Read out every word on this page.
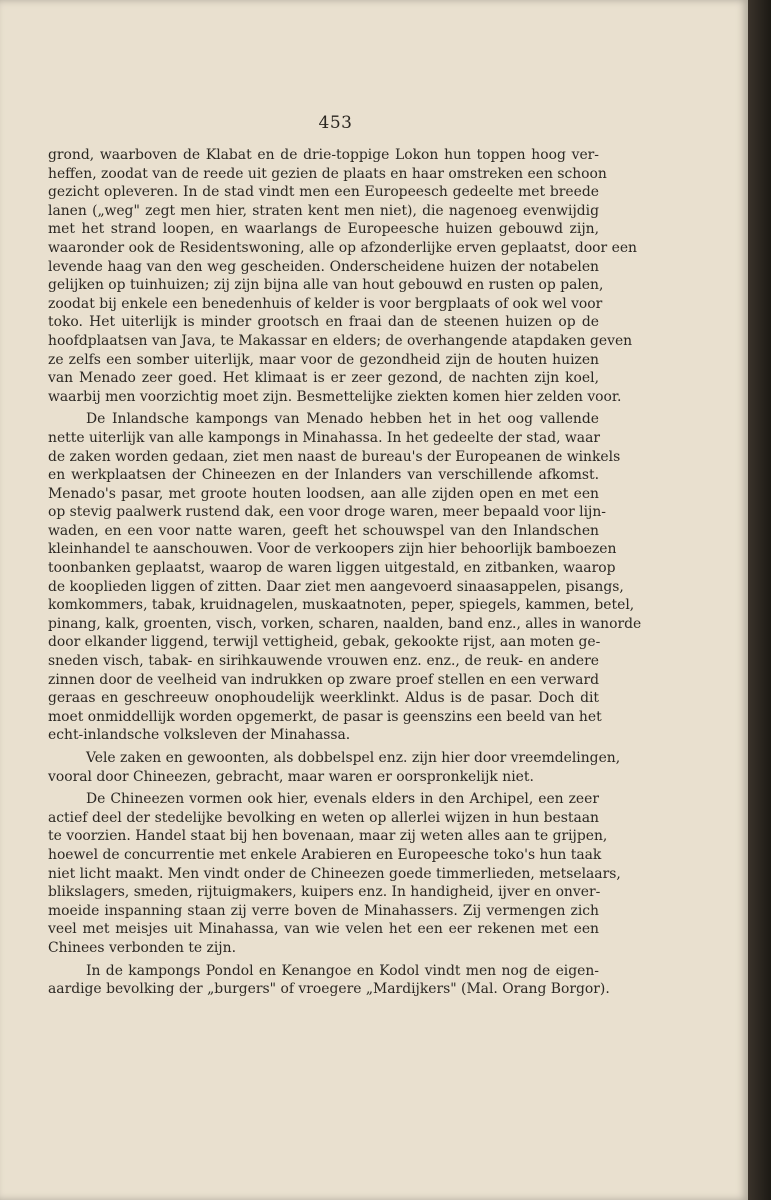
453
grond, waarboven de Klabat en de drie-toppige Lokon hun toppen hoog ver-
heffen, zoodat van de reede uit gezien de plaats en haar omstreken een schoon
gezicht opleveren. In de stad vindt men een Europeesch gedeelte met breede
lanen („weg" zegt men hier, straten kent men niet), die nagenoeg evenwijdig
met het strand loopen, en waarlangs de Europeesche huizen gebouwd zijn,
waaronder ook de Residentswoning, alle op afzonderlijke erven geplaatst, door een
levende haag van den weg gescheiden. Onderscheidene huizen der notabelen
gelijken op tuinhuizen; zij zijn bijna alle van hout gebouwd en rusten op palen,
zoodat bij enkele een benedenhuis of kelder is voor bergplaats of ook wel voor
toko. Het uiterlijk is minder grootsch en fraai dan de steenen huizen op de
hoofdplaatsen van Java, te Makassar en elders; de overhangende atapdaken geven
ze zelfs een somber uiterlijk, maar voor de gezondheid zijn de houten huizen
van Menado zeer goed. Het klimaat is er zeer gezond, de nachten zijn koel,
waarbij men voorzichtig moet zijn. Besmettelijke ziekten komen hier zelden voor.
De Inlandsche kampongs van Menado hebben het in het oog vallende
nette uiterlijk van alle kampongs in Minahassa. In het gedeelte der stad, waar
de zaken worden gedaan, ziet men naast de bureau's der Europeanen de winkels
en werkplaatsen der Chineezen en der Inlanders van verschillende afkomst.
Menado's pasar, met groote houten loodsen, aan alle zijden open en met een
op stevig paalwerk rustend dak, een voor droge waren, meer bepaald voor lijn-
waden, en een voor natte waren, geeft het schouwspel van den Inlandschen
kleinhandel te aanschouwen. Voor de verkoopers zijn hier behoorlijk bamboezen
toonbanken geplaatst, waarop de waren liggen uitgestald, en zitbanken, waarop
de kooplieden liggen of zitten. Daar ziet men aangevoerd sinaasappelen, pisangs,
komkommers, tabak, kruidnagelen, muskaatnoten, peper, spiegels, kammen, betel,
pinang, kalk, groenten, visch, vorken, scharen, naalden, band enz., alles in wanorde
door elkander liggend, terwijl vettigheid, gebak, gekookte rijst, aan moten ge-
sneden visch, tabak- en sirihkauwende vrouwen enz. enz., de reuk- en andere
zinnen door de veelheid van indrukken op zware proef stellen en een verward
geraas en geschreeuw onophoudelijk weerklinkt. Aldus is de pasar. Doch dit
moet onmiddellijk worden opgemerkt, de pasar is geenszins een beeld van het
echt-inlandsche volksleven der Minahassa.
Vele zaken en gewoonten, als dobbelspel enz. zijn hier door vreemdelingen,
vooral door Chineezen, gebracht, maar waren er oorspronkelijk niet.
De Chineezen vormen ook hier, evenals elders in den Archipel, een zeer
actief deel der stedelijke bevolking en weten op allerlei wijzen in hun bestaan
te voorzien. Handel staat bij hen bovenaan, maar zij weten alles aan te grijpen,
hoewel de concurrentie met enkele Arabieren en Europeesche toko's hun taak
niet licht maakt. Men vindt onder de Chineezen goede timmerlieden, metselaars,
blikslagers, smeden, rijtuigmakers, kuipers enz. In handigheid, ijver en onver-
moeide inspanning staan zij verre boven de Minahassers. Zij vermengen zich
veel met meisjes uit Minahassa, van wie velen het een eer rekenen met een
Chinees verbonden te zijn.
In de kampongs Pondol en Kenangoe en Kodol vindt men nog de eigen-
aardige bevolking der „burgers" of vroegere „Mardijkers" (Mal. Orang Borgor).
